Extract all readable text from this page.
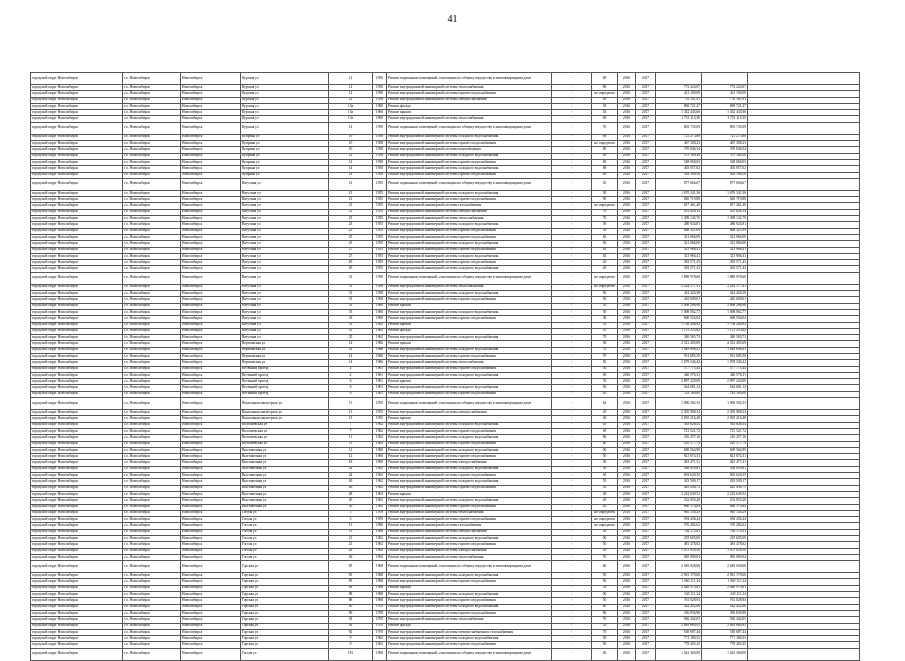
41
городской округ Новосибирск	г.о. Новосибирск	Новосибирск	Курская ул	12	1956	Ремонт подвальных помещений, относящихся к общему имуществу в многоквартирном доме	-	69	2016	2017			
городской округ Новосибирск	г.о. Новосибирск	Новосибирск	Курская ул	12	1956	Ремонт внутридомовой инженерной системы теплоснабжения	-	69	2016	2017	772 224,07	772 224,07	
городской округ Новосибирск	г.о. Новосибирск	Новосибирск	Курская ул	12	1956	Ремонт внутридомовой инженерной системы горячего водоснабжения	-	не определен	2016	2017	421 100,00	421 100,00	
городской округ Новосибирск	г.о. Новосибирск	Новосибирск	Курская ул	12	1956	Ремонт внутридомовой инженерной системы электроснабжения	-	69	2016	2017	776 161,91	776 161,91	
городской округ Новосибирск	г.о. Новосибирск	Новосибирск	Курская ул	13а	1960	Ремонт фасада	-	35	2016	2017	869 721,47	869 721,47	
городской округ Новосибирск	г.о. Новосибирск	Новосибирск	Курская ул	13а	1960	Ремонт крыши	-	35	2016	2017	1 432 443,66	1 432 443,66	
городской округ Новосибирск	г.о. Новосибирск	Новосибирск	Курская ул	13а	1960	Ремонт внутридомовой инженерной системы теплоснабжения	-	69	2016	2017	1 751 115,30	1 751 115,30	
городской округ Новосибирск	г.о. Новосибирск	Новосибирск	Курская ул	14	1958	Ремонт подвальных помещений, относящихся к общему имуществу в многоквартирном доме	-	70	2016	2017	803 735,09	803 735,09	
городской округ Новосибирск	г.о. Новосибирск	Новосибирск	Куприна ул	10	1958	Ремонт внутридомовой инженерной системы холодного водоснабжения	-	69	2016	2017	721 273,88	721 273,88	
городской округ Новосибирск	г.о. Новосибирск	Новосибирск	Куприна ул	10	1958	Ремонт внутридомовой инженерной системы горячего водоснабжения	-	не определен	2016	2017	467 308,23	467 308,23	
городской округ Новосибирск	г.о. Новосибирск	Новосибирск	Куприна ул	10	1958	Ремонт внутридомовой инженерной системы водоотведения	-	69	2016	2017	370 846,54	370 846,54	
городской округ Новосибирск	г.о. Новосибирск	Новосибирск	Куприна ул	12	1958	Ремонт внутридомовой инженерной системы холодного водоснабжения	-	69	2016	2017	375 160,30	375 160,30	
городской округ Новосибирск	г.о. Новосибирск	Новосибирск	Куприна ул	12	1958	Ремонт внутридомовой инженерной системы горячего водоснабжения	-	69	2016	2017	548 068,03	548 068,03	
городской округ Новосибирск	г.о. Новосибирск	Новосибирск	Куприна ул	14	1958	Ремонт внутридомовой инженерной системы холодного водоснабжения	-	69	2016	2017	403 057,62	403 057,62	
городской округ Новосибирск	г.о. Новосибирск	Новосибирск	Куприна ул	14	1958	Ремонт внутридомовой инженерной системы горячего водоснабжения	-	69	2016	2017	304 168,56	304 168,56	
городской округ Новосибирск	г.о. Новосибирск	Новосибирск	Ватутина ул	21	1955	Ремонт подвальных помещений, относящихся к общему имуществу в многоквартирном доме	-	45	2016	2017	877 666,67	877 666,67	
городской округ Новосибирск	г.о. Новосибирск	Новосибирск	Ватутина ул	21	1955	Ремонт внутридомовой инженерной системы холодного водоснабжения	-	50	2016	2017	1 670 341,36	1 670 341,36	
городской округ Новосибирск	г.о. Новосибирск	Новосибирск	Ватутина ул	21	1955	Ремонт внутридомовой инженерной системы горячего водоснабжения	-	50	2016	2017	920 719,88	920 719,88	
городской округ Новосибирск	г.о. Новосибирск	Новосибирск	Ватутина ул	21	1955	Ремонт внутридомовой инженерной системы газоснабжения	-	не определен	2016	2017	817 461,40	817 461,40	
городской округ Новосибирск	г.о. Новосибирск	Новосибирск	Ватутина ул	21	1955	Ремонт внутридомовой инженерной системы электроснабжения	-	70	2016	2017	201 628,14	201 628,14	
городской округ Новосибирск	г.о. Новосибирск	Новосибирск	Ватутина ул	23	1955	Ремонт внутридомовой инженерной системы теплоснабжения	-	70	2016	2017	1 309 142,70	1 309 142,70	
городской округ Новосибирск	г.о. Новосибирск	Новосибирск	Ватутина ул	23	1955	Ремонт внутридомовой инженерной системы холодного водоснабжения	-	39	2016	2017	480 924,81	480 924,81	
городской округ Новосибирск	г.о. Новосибирск	Новосибирск	Ватутина ул	23	1955	Ремонт внутридомовой инженерной системы горячего водоснабжения	-	39	2016	2017	668 321,09	668 321,09	
городской округ Новосибирск	г.о. Новосибирск	Новосибирск	Ватутина ул	25	1955	Ремонт внутридомовой инженерной системы горячего водоснабжения	-	65	2016	2017	321 066,00	321 066,00	
городской округ Новосибирск	г.о. Новосибирск	Новосибирск	Ватутина ул	25	1955	Ремонт внутридомовой инженерной системы холодного водоснабжения	-	65	2016	2017	321 066,00	321 066,00	
городской округ Новосибирск	г.о. Новосибирск	Новосибирск	Ватутина ул	27	1955	Ремонт внутридомовой инженерной системы горячего водоснабжения	-	45	2016	2017	321 966,41	321 966,41	
городской округ Новосибирск	г.о. Новосибирск	Новосибирск	Ватутина ул	27	1955	Ремонт внутридомовой инженерной системы холодного водоснабжения	-	45	2016	2017	321 966,41	321 966,41	
городской округ Новосибирск	г.о. Новосибирск	Новосибирск	Ватутина ул	29	1955	Ремонт внутридомовой инженерной системы горячего водоснабжения	-	45	2016	2017	303 571,43	303 571,43	
городской округ Новосибирск	г.о. Новосибирск	Новосибирск	Ватутина ул	29	1955	Ремонт внутридомовой инженерной системы холодного водоснабжения	-	45	2016	2017	303 571,43	303 571,43	
городской округ Новосибирск	г.о. Новосибирск	Новосибирск	Ватутина ул	31	1958	Ремонт подвальных помещений, относящихся к общему имуществу в многоквартирном доме	-	не определен	2016	2017	1 889 978,60	1 889 978,60	
городской округ Новосибирск	г.о. Новосибирск	Новосибирск	Ватутина ул	31	1958	Ремонт внутридомовой инженерной системы теплоснабжения	-	не определен	2016	2017	2 224 177,41	2 224 177,41	
городской округ Новосибирск	г.о. Новосибирск	Новосибирск	Ватутина ул	31	1958	Ремонт внутридомовой инженерной системы холодного водоснабжения	-	50	2016	2017	324 426,58	324 426,58	
городской округ Новосибирск	г.о. Новосибирск	Новосибирск	Ватутина ул	31	1958	Ремонт внутридомовой инженерной системы горячего водоснабжения	-	50	2016	2017	445 609,61	445 609,61	
городской округ Новосибирск	г.о. Новосибирск	Новосибирск	Ватутина ул	33	1960	Ремонт крыши	-	35	2016	2017	2 008 296,96	2 008 296,96	
городской округ Новосибирск	г.о. Новосибирск	Новосибирск	Ватутина ул	33	1960	Ремонт внутридомовой инженерной системы холодного водоснабжения	-	30	2016	2017	1 008 062,77	1 008 062,77	
городской округ Новосибирск	г.о. Новосибирск	Новосибирск	Ватутина ул	33	1960	Ремонт внутридомовой инженерной системы горячего водоснабжения	-	30	2016	2017	600 554,04	600 554,04	
городской округ Новосибирск	г.о. Новосибирск	Новосибирск	Ватутина ул	35	1962	Ремонт крыши	-	35	2016	2017	1 756 206,92	1 756 206,92	
городской округ Новосибирск	г.о. Новосибирск	Новосибирск	Ватутина ул	35	1962	Ремонт фасада	-	35	2016	2017	1 131 253,62	1 131 253,62	
городской округ Новосибирск	г.о. Новосибирск	Новосибирск	Ватутина ул	35	1962	Ремонт внутридомовой инженерной системы холодного водоснабжения	-	70	2016	2017	340 565,73	340 565,73	
городской округ Новосибирск	г.о. Новосибирск	Новосибирск	Вертковская ул	14	1966	Ремонт крыши	-	30	2016	2017	2 312 405,69	2 312 405,69	
городской округ Новосибирск	г.о. Новосибирск	Новосибирск	Вертковская ул	14	1966	Ремонт внутридомовой инженерной системы холодного водоснабжения	-	70	2016	2017	1 849 698,41	1 849 698,41	
городской округ Новосибирск	г.о. Новосибирск	Новосибирск	Вертковская ул	14	1966	Ремонт внутридомовой инженерной системы горячего водоснабжения	-	70	2016	2017	913 685,50	913 685,50	
городской округ Новосибирск	г.о. Новосибирск	Новосибирск	Вертковская ул	14	1966	Ремонт внутридомовой инженерной системы теплоснабжения	-	50	2016	2017	1 078 344,42	1 078 344,42	
городской округ Новосибирск	г.о. Новосибирск	Новосибирск	Весенний проезд	4	1961	Ремонт внутридомовой инженерной системы горячего водоснабжения	-	50	2016	2017	577 775,44	577 775,44	
городской округ Новосибирск	г.о. Новосибирск	Новосибирск	Весенний проезд	4	1961	Ремонт внутридомовой инженерной системы холодного водоснабжения	-	50	2016	2017	340 576,31	340 576,31	
городской округ Новосибирск	г.о. Новосибирск	Новосибирск	Весенний проезд	6	1961	Ремонт крыши	-	35	2016	2017	2 897 220,00	2 897 220,00	
городской округ Новосибирск	г.о. Новосибирск	Новосибирск	Весенний проезд	6	1961	Ремонт внутридомовой инженерной системы холодного водоснабжения	-	50	2016	2017	544 681,14	544 681,14	
городской округ Новосибирск	г.о. Новосибирск	Новосибирск	Весенний проезд	6	1961	Ремонт внутридомовой инженерной системы горячего водоснабжения	-	45	2016	2017	743 160,00	743 160,00	
городской округ Новосибирск	г.о. Новосибирск	Новосибирск	Вокзальная магистраль ул	13	1955	Ремонт подвальных помещений, относящихся к общему имуществу в многоквартирном доме	-	62	2016	2017	1 806 582,33	1 806 582,33	
городской округ Новосибирск	г.о. Новосибирск	Новосибирск	Вокзальная магистраль ул	13	1955	Ремонт внутридомовой инженерной системы электроснабжения	-	45	2016	2017	2 305 968,34	2 305 968,34	
городской округ Новосибирск	г.о. Новосибирск	Новосибирск	Вокзальная магистраль ул	13	1955	Ремонт крыши	-	30	2016	2017	2 035 216,48	2 035 216,48	
городской округ Новосибирск	г.о. Новосибирск	Новосибирск	Волочаевская ул	7	1962	Ремонт внутридомовой инженерной системы холодного водоснабжения	-	65	2016	2017	563 826,54	563 826,54	
городской округ Новосибирск	г.о. Новосибирск	Новосибирск	Волочаевская ул	7	1962	Ремонт внутридомовой инженерной системы горячего водоснабжения	-	65	2016	2017	721 521,72	721 521,72	
городской округ Новосибирск	г.о. Новосибирск	Новосибирск	Волочаевская ул	11	1962	Ремонт внутридомовой инженерной системы холодного водоснабжения	-	60	2016	2017	216 257,16	216 257,16	
городской округ Новосибирск	г.о. Новосибирск	Новосибирск	Волочаевская ул	11	1962	Ремонт внутридомовой инженерной системы горячего водоснабжения	-	60	2016	2017	210 177,79	210 177,79	
городской округ Новосибирск	г.о. Новосибирск	Новосибирск	Выставочная ул	12	1960	Ремонт внутридомовой инженерной системы холодного водоснабжения	-	50	2016	2017	600 564,90	600 564,90	
городской округ Новосибирск	г.о. Новосибирск	Новосибирск	Выставочная ул	12	1960	Ремонт внутридомовой инженерной системы горячего водоснабжения	-	50	2016	2017	821 074,31	821 074,31	
городской округ Новосибирск	г.о. Новосибирск	Новосибирск	Выставочная ул	18	1960	Ремонт внутридомовой инженерной системы электроснабжения	-	50	2016	2017	461 471,31	461 471,31	
городской округ Новосибирск	г.о. Новосибирск	Новосибирск	Выставочная ул	24	1962	Ремонт внутридомовой инженерной системы холодного водоснабжения	-	50	2016	2017	436 850,81	436 850,81	
городской округ Новосибирск	г.о. Новосибирск	Новосибирск	Выставочная ул	24	1962	Ремонт внутридомовой инженерной системы горячего водоснабжения	-	50	2016	2017	692 620,35	692 620,35	
городской округ Новосибирск	г.о. Новосибирск	Новосибирск	Выставочная ул	26	1962	Ремонт внутридомовой инженерной системы холодного водоснабжения	-	55	2016	2017	433 509,17	433 509,17	
городской округ Новосибирск	г.о. Новосибирск	Новосибирск	Выставочная ул	26	1962	Ремонт внутридомовой инженерной системы горячего водоснабжения	-	55	2016	2017	625 436,75	625 436,75	
городской округ Новосибирск	г.о. Новосибирск	Новосибирск	Выставочная ул	28	1962	Ремонт крыши	-	30	2016	2017	2 222 649,52	2 222 649,52	
городской округ Новосибирск	г.о. Новосибирск	Новосибирск	Выставочная ул	30	1962	Ремонт внутридомовой инженерной системы холодного водоснабжения	-	45	2016	2017	232 055,20	232 055,20	
городской округ Новосибирск	г.о. Новосибирск	Новосибирск	Выставочная ул	30	1962	Ремонт внутридомовой инженерной системы горячего водоснабжения	-	45	2016	2017	660 170,84	660 170,84	
городской округ Новосибирск	г.о. Новосибирск	Новосибирск	Гоголя ул	3	1959	Ремонт внутридомовой инженерной системы теплоснабжения	-	не определен	2016	2017	965 130,29	965 130,29	
городской округ Новосибирск	г.о. Новосибирск	Новосибирск	Гоголя ул	3	1959	Ремонт внутридомовой инженерной системы горячего водоснабжения	-	не определен	2016	2017	594 436,24	594 436,24	
городской округ Новосибирск	г.о. Новосибирск	Новосибирск	Гоголя ул	13	1960	Ремонт внутридомовой инженерной системы газоснабжения	-	не определен	2016	2017	576 282,62	576 282,62	
городской округ Новосибирск	г.о. Новосибирск	Новосибирск	Гоголя ул	13	1960	Ремонт внутридомовой инженерной системы электроснабжения	-	30	2016	2017	764 172,03	764 172,03	
городской округ Новосибирск	г.о. Новосибирск	Новосибирск	Гоголя ул	21	1962	Ремонт внутридомовой инженерной системы холодного водоснабжения	-	50	2016	2017	235 605,00	235 605,00	
городской округ Новосибирск	г.о. Новосибирск	Новосибирск	Гоголя ул	21	1962	Ремонт внутридомовой инженерной системы горячего водоснабжения	-	50	2016	2017	481 478,62	481 478,62	
городской округ Новосибирск	г.о. Новосибирск	Новосибирск	Гоголя ул	26	1964	Ремонт внутридомовой инженерной системы электроснабжения	-	30	2016	2017	1 075 639,50	1 075 639,50	
городской округ Новосибирск	г.о. Новосибирск	Новосибирск	Гоголя ул	26	1964	Ремонт внутридомовой инженерной системы теплоснабжения	-	70	2016	2017	965 089,04	965 089,04	
городской округ Новосибирск	г.о. Новосибирск	Новосибирск	Горская ул	85	1968	Ремонт подвальных помещений, относящихся к общему имуществу в многоквартирном доме	-	60	2016	2017	2 049 028,66	2 049 028,66	
городской округ Новосибирск	г.о. Новосибирск	Новосибирск	Горская ул	85	1968	Ремонт внутридомовой инженерной системы холодного водоснабжения	-	50	2016	2017	2 961 179,66	2 961 179,66	
городской округ Новосибирск	г.о. Новосибирск	Новосибирск	Горская ул	85	1968	Ремонт внутридомовой инженерной системы горячего водоснабжения	-	50	2016	2017	1 060 111,34	1 060 111,34	
городской округ Новосибирск	г.о. Новосибирск	Новосибирск	Горская ул	88	1968	Ремонт крыши	-	35	2016	2017	2 840 975,61	2 840 975,61	
городской округ Новосибирск	г.о. Новосибирск	Новосибирск	Горская ул	88	1968	Ремонт внутридомовой инженерной системы холодного водоснабжения	-	50	2016	2017	345 111,24	345 111,24	
городской округ Новосибирск	г.о. Новосибирск	Новосибирск	Горская ул	88	1968	Ремонт внутридомовой инженерной системы горячего водоснабжения	-	50	2016	2017	761 028,94	761 028,94	
городской округ Новосибирск	г.о. Новосибирск	Новосибирск	Горская ул	90	1970	Ремонт внутридомовой инженерной системы холодного водоснабжения	-	60	2016	2017	542 422,86	542 422,86	
городской округ Новосибирск	г.о. Новосибирск	Новосибирск	Горская ул	90	1970	Ремонт внутридомовой инженерной системы горячего водоснабжения	-	60	2016	2017	356 836,98	356 836,98	
городской округ Новосибирск	г.о. Новосибирск	Новосибирск	Горская ул	92	1970	Ремонт внутридомовой инженерной системы теплоснабжения	-	70	2016	2017	926 442,05	926 442,05	
городской округ Новосибирск	г.о. Новосибирск	Новосибирск	Горская ул	92	1970	Ремонт фасада	-	35	2016	2017	2 865 660,95	2 865 660,95	
городской округ Новосибирск	г.о. Новосибирск	Новосибирск	Горская ул	92	1970	Ремонт внутридомовой инженерной системы электроснабжения и газоснабжения	-	70	2016	2017	530 687,44	530 687,44	
городской округ Новосибирск	г.о. Новосибирск	Новосибирск	Горская ул	9	1962	Ремонт внутридомовой инженерной системы холодного водоснабжения	-	50	2016	2017	771 180,33	771 180,33	
городской округ Новосибирск	г.о. Новосибирск	Новосибирск	Горская ул	9	1962	Ремонт внутридомовой инженерной системы горячего водоснабжения	-	50	2016	2017	778 265,45	778 265,45	
городской округ Новосибирск	г.о. Новосибирск	Новосибирск	Гоголя ул	181	1968	Ремонт подвальных помещений, относящихся к общему имуществу в многоквартирном доме	-	40	2016	2017	1 622 360,00	1 622 360,00	
